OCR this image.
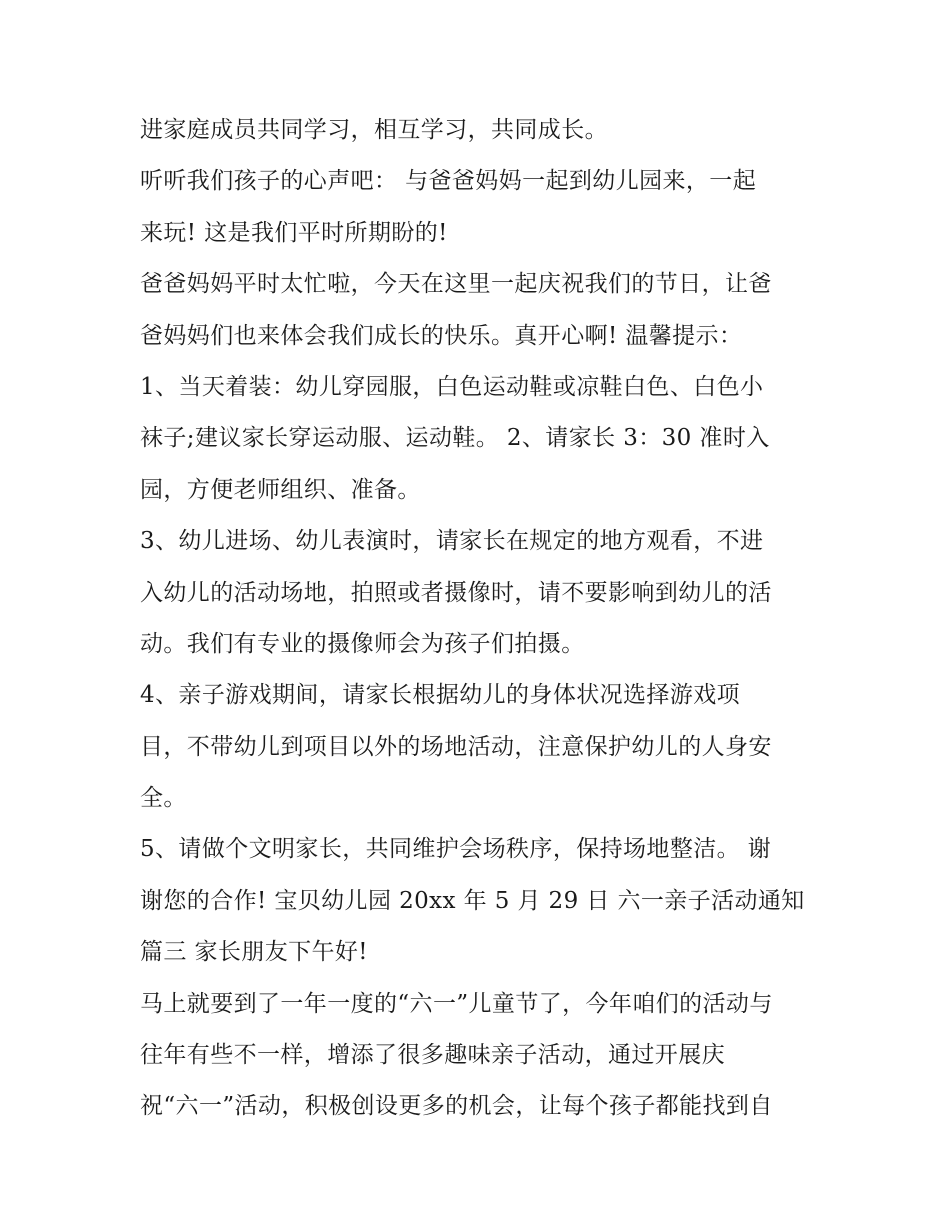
进家庭成员共同学习，相互学习，共同成长。
听听我们孩子的心声吧： 与爸爸妈妈一起到幼儿园来，一起
来玩! 这是我们平时所期盼的!
爸爸妈妈平时太忙啦，今天在这里一起庆祝我们的节日，让爸
爸妈妈们也来体会我们成长的快乐。真开心啊! 温馨提示：
1、当天着装：幼儿穿园服，白色运动鞋或凉鞋白色、白色小
袜子;建议家长穿运动服、运动鞋。 2、请家长 3：30 准时入
园，方便老师组织、准备。
3、幼儿进场、幼儿表演时，请家长在规定的地方观看，不进
入幼儿的活动场地，拍照或者摄像时，请不要影响到幼儿的活
动。我们有专业的摄像师会为孩子们拍摄。
4、亲子游戏期间，请家长根据幼儿的身体状况选择游戏项
目，不带幼儿到项目以外的场地活动，注意保护幼儿的人身安
全。
5、请做个文明家长，共同维护会场秩序，保持场地整洁。 谢
谢您的合作! 宝贝幼儿园 20xx 年 5 月 29 日 六一亲子活动通知
篇三 家长朋友下午好!
马上就要到了一年一度的“六一”儿童节了，今年咱们的活动与
往年有些不一样，增添了很多趣味亲子活动，通过开展庆
祝“六一”活动，积极创设更多的机会，让每个孩子都能找到自
